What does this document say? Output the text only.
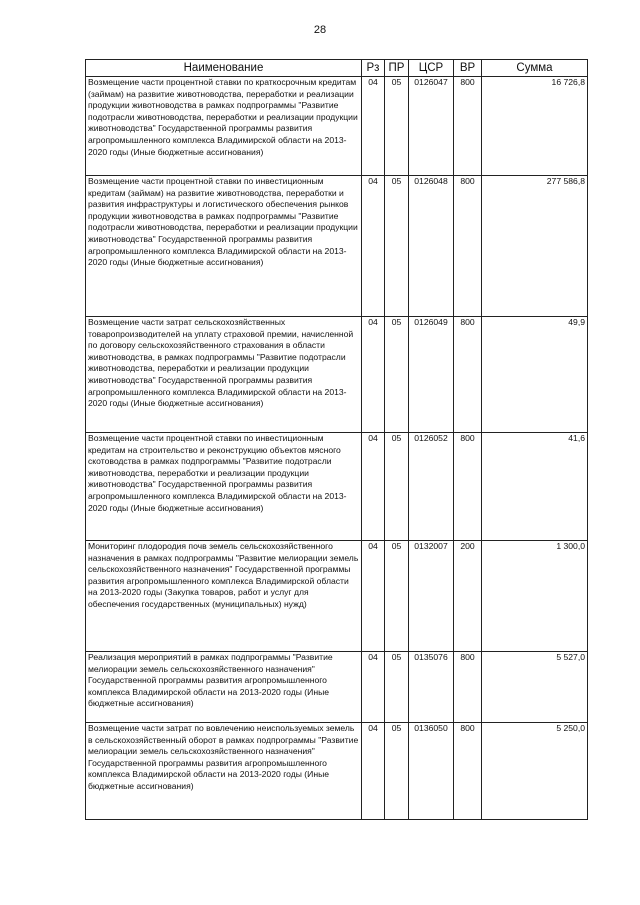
28
Наименование	Рз	ПР	ЦСР	ВР	Сумма
Возмещение части процентной ставки по краткосрочным кредитам (займам) на развитие животноводства, переработки и реализации продукции животноводства в рамках подпрограммы "Развитие подотрасли животноводства, переработки и реализации продукции животноводства" Государственной программы развития агропромышленного комплекса Владимирской области на 2013-2020 годы (Иные бюджетные ассигнования)	04	05	0126047	800	16 726,8
Возмещение части процентной ставки по инвестиционным кредитам (займам) на развитие животноводства, переработки и развития инфраструктуры и логистического обеспечения рынков продукции животноводства в рамках подпрограммы "Развитие подотрасли животноводства, переработки и реализации продукции животноводства" Государственной программы развития агропромышленного комплекса Владимирской области на 2013-2020 годы (Иные бюджетные ассигнования)	04	05	0126048	800	277 586,8
Возмещение части затрат сельскохозяйственных товаропроизводителей на уплату страховой премии, начисленной по договору сельскохозяйственного страхования в области животноводства, в рамках подпрограммы "Развитие подотрасли животноводства, переработки и реализации продукции животноводства" Государственной программы развития агропромышленного комплекса Владимирской области на 2013-2020 годы (Иные бюджетные ассигнования)	04	05	0126049	800	49,9
Возмещение части процентной ставки по инвестиционным кредитам на строительство и реконструкцию объектов мясного скотоводства в рамках подпрограммы "Развитие подотрасли животноводства, переработки и реализации продукции животноводства" Государственной программы развития агропромышленного комплекса Владимирской области на 2013-2020 годы (Иные бюджетные ассигнования)	04	05	0126052	800	41,6
Мониторинг плодородия почв земель сельскохозяйственного назначения в рамках подпрограммы "Развитие мелиорации земель сельскохозяйственного назначения" Государственной программы развития агропромышленного комплекса Владимирской области на 2013-2020 годы (Закупка товаров, работ и услуг для обеспечения государственных (муниципальных) нужд)	04	05	0132007	200	1 300,0
Реализация мероприятий в рамках подпрограммы "Развитие мелиорации земель сельскохозяйственного назначения" Государственной программы развития агропромышленного комплекса Владимирской области на 2013-2020 годы (Иные бюджетные ассигнования)	04	05	0135076	800	5 527,0
Возмещение части затрат по вовлечению неиспользуемых земель в сельскохозяйственный оборот в рамках подпрограммы "Развитие мелиорации земель сельскохозяйственного назначения" Государственной программы развития агропромышленного комплекса Владимирской области на 2013-2020 годы (Иные бюджетные ассигнования)	04	05	0136050	800	5 250,0
